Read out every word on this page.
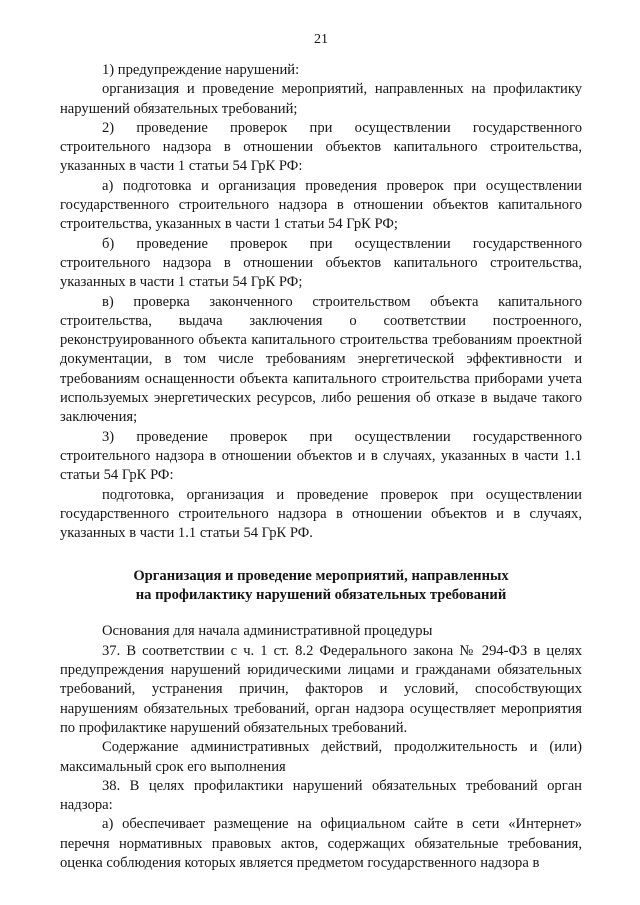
21

1) предупреждение нарушений:

организация и проведение мероприятий, направленных на профилактику нарушений обязательных требований;

2) проведение проверок при осуществлении государственного строительного надзора в отношении объектов капитального строительства, указанных в части 1 статьи 54 ГрК РФ:

а) подготовка и организация проведения проверок при осуществлении государственного строительного надзора в отношении объектов капитального строительства, указанных в части 1 статьи 54 ГрК РФ;

б) проведение проверок при осуществлении государственного строительного надзора в отношении объектов капитального строительства, указанных в части 1 статьи 54 ГрК РФ;

в) проверка законченного строительством объекта капитального строительства, выдача заключения о соответствии построенного, реконструированного объекта капитального строительства требованиям проектной документации, в том числе требованиям энергетической эффективности и требованиям оснащенности объекта капитального строительства приборами учета используемых энергетических ресурсов, либо решения об отказе в выдаче такого заключения;

3) проведение проверок при осуществлении государственного строительного надзора в отношении объектов и в случаях, указанных в части 1.1 статьи 54 ГрК РФ:

подготовка, организация и проведение проверок при осуществлении государственного строительного надзора в отношении объектов и в случаях, указанных в части 1.1 статьи 54 ГрК РФ.

Организация и проведение мероприятий, направленных
на профилактику нарушений обязательных требований

Основания для начала административной процедуры

37. В соответствии с ч. 1 ст. 8.2 Федерального закона № 294-ФЗ в целях предупреждения нарушений юридическими лицами и гражданами обязательных требований, устранения причин, факторов и условий, способствующих нарушениям обязательных требований, орган надзора осуществляет мероприятия по профилактике нарушений обязательных требований.

Содержание административных действий, продолжительность и (или) максимальный срок его выполнения

38. В целях профилактики нарушений обязательных требований орган надзора:

а) обеспечивает размещение на официальном сайте в сети «Интернет» перечня нормативных правовых актов, содержащих обязательные требования, оценка соблюдения которых является предметом государственного надзора в
